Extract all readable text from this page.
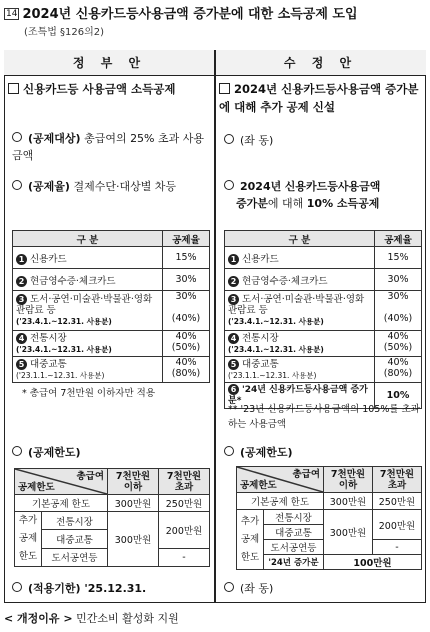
14 2024년 신용카드등사용금액 증가분에 대한 소득공제 도입
(조특법 §126의2)
정 부 안	수 정 안
신용카드등 사용금액 소득공제
(공제대상) 총급여의 25% 초과 사용금액
(공제율) 결제수단·대상별 차등
구 분	공제율
1 신용카드	15%
2 현금영수증·체크카드	30%
3 도서·공연·미술관·박물관·영화관람료 등
('23.4.1.~12.31. 사용분)	30%

(40%)
4 전통시장
('23.4.1.~12.31. 사용분)	40%
(50%)
5 대중교통
('23.1.1.~12.31. 사용분)	40%
(80%)
* 총급여 7천만원 이하자만 적용
(공제한도)
총급여
공제한도		7천만원 이하	7천만원 초과
기본공제 한도		300만원	250만원
추가 공제 한도	전통시장	300만원	200만원
	대중교통		
	도서공연등		-
(적용기한) '25.12.31.
2024년 신용카드등사용금액 증가분에 대해 추가 공제 신설
(좌 동)
2024년 신용카드등사용금액
증가분에 대해 10% 소득공제
구 분	공제율
1 신용카드	15%
2 현금영수증·체크카드	30%
3 도서·공연·미술관·박물관·영화관람료 등
('23.4.1.~12.31. 사용분)	30%

(40%)
4 전통시장
('23.4.1.~12.31. 사용분)	40%
(50%)
5 대중교통
('23.1.1.~12.31. 사용분)	40%
(80%)
6 '24년 신용카드등사용금액 증가분*	10%
** '23년 신용카드등사용금액의 105%를 초과하는 사용금액
(공제한도)
총급여
공제한도		7천만원 이하	7천만원 초과
기본공제 한도		300만원	250만원
추가 공제 한도	전통시장	300만원	200만원
	대중교통		
	도서공연등		-
	'24년 증가분	100만원	
(좌 동)
< 개정이유 > 민간소비 활성화 지원
